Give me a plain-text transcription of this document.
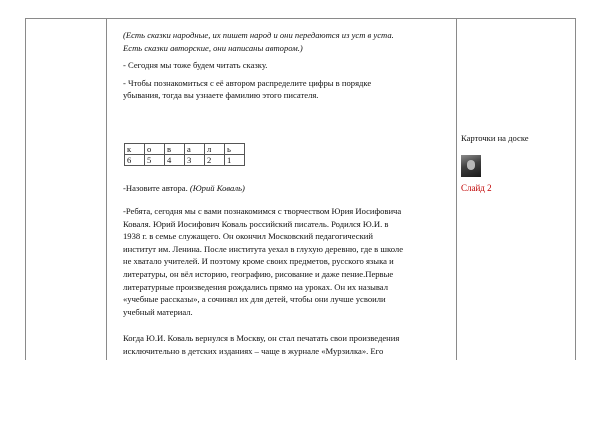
(Есть сказки народные, их пишет народ и они передаются из уст в уста.

Есть сказки авторские, они написаны автором.)

- Сегодня мы тоже будем читать сказку.

- Чтобы познакомиться с её автором распределите цифры в порядке

убывания, тогда вы узнаете фамилию этого писателя.

к	о	в	а	л	ь
6	5	4	3	2	1

-Назовите автора. (Юрий Коваль)

-Ребята, сегодня мы с вами познакомимся с творчеством Юрия Иосифовича

Коваля. Юрий Иосифович Коваль российский писатель. Родился Ю.И. в

1938 г. в семье служащего. Он окончил Московский педагогический

институт им. Ленина. После института уехал в глухую деревню, где в школе

не хватало учителей. И поэтому кроме своих предметов, русского языка и

литературы, он вёл историю, географию, рисование и даже пение.Первые

литературные произведения рождались прямо на уроках. Он их называл

«учебные рассказы», а сочинял их для детей, чтобы они лучше усвоили

учебный материал.

Когда Ю.И. Коваль вернулся в Москву, он стал печатать свои произведения

исключительно в детских изданиях – чаще в журнале «Мурзилка». Его

Карточки на доске
Слайд 2
